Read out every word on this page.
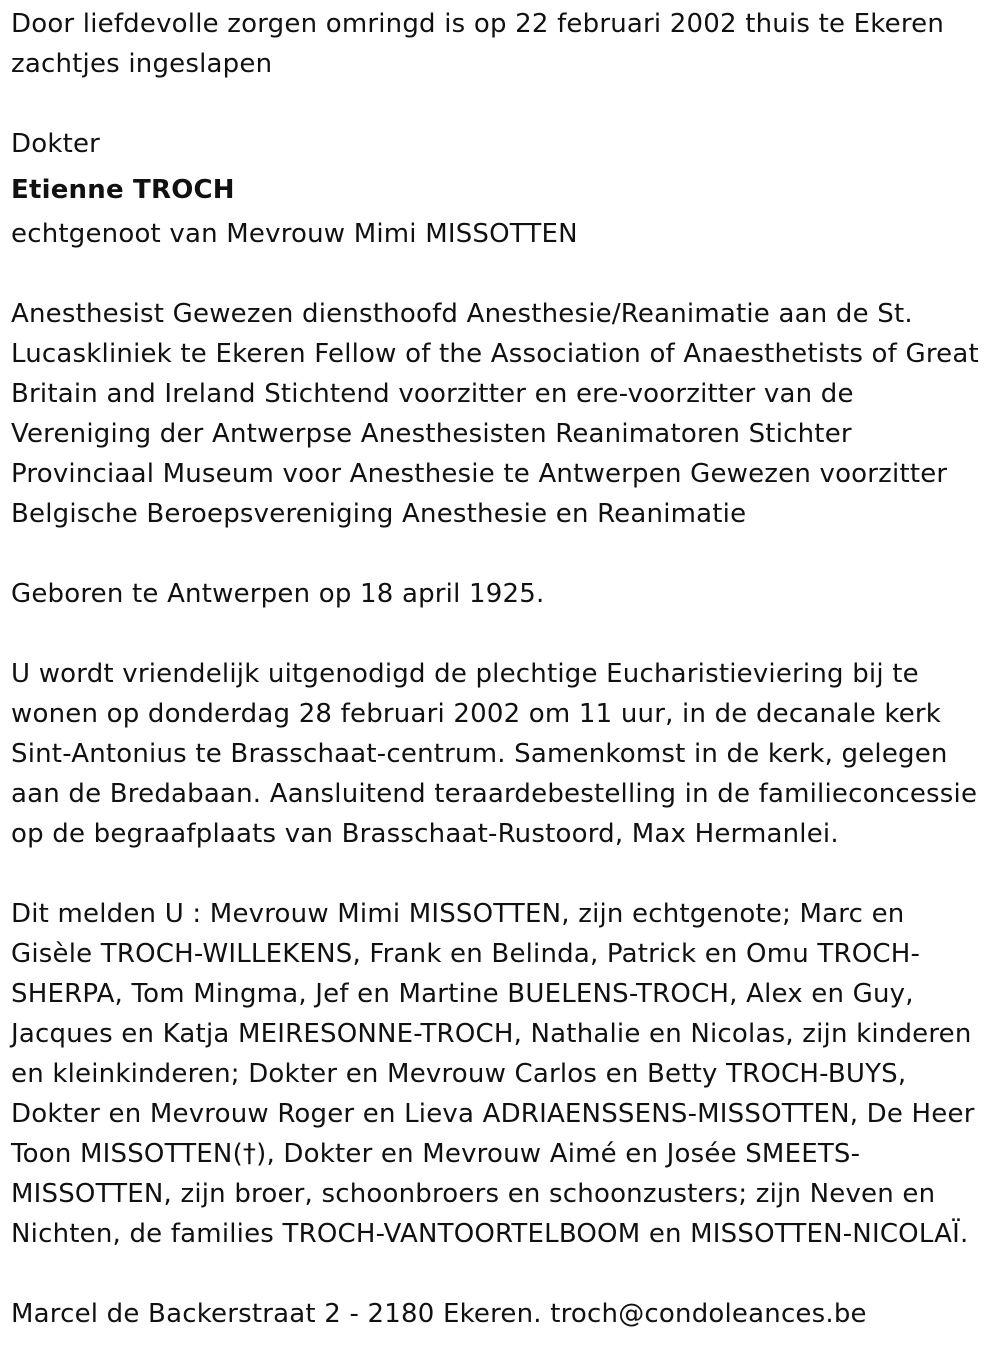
Door liefdevolle zorgen omringd is op 22 februari 2002 thuis te Ekeren
zachtjes ingeslapen

Dokter

Etienne TROCH

echtgenoot van Mevrouw Mimi MISSOTTEN

Anesthesist Gewezen diensthoofd Anesthesie/Reanimatie aan de St.
Lucaskliniek te Ekeren Fellow of the Association of Anaesthetists of Great
Britain and Ireland Stichtend voorzitter en ere-voorzitter van de
Vereniging der Antwerpse Anesthesisten Reanimatoren Stichter
Provinciaal Museum voor Anesthesie te Antwerpen Gewezen voorzitter
Belgische Beroepsvereniging Anesthesie en Reanimatie

Geboren te Antwerpen op 18 april 1925.

U wordt vriendelijk uitgenodigd de plechtige Eucharistieviering bij te
wonen op donderdag 28 februari 2002 om 11 uur, in de decanale kerk
Sint-Antonius te Brasschaat-centrum. Samenkomst in de kerk, gelegen
aan de Bredabaan. Aansluitend teraardebestelling in de familieconcessie
op de begraafplaats van Brasschaat-Rustoord, Max Hermanlei.

Dit melden U : Mevrouw Mimi MISSOTTEN, zijn echtgenote; Marc en
Gisèle TROCH-WILLEKENS, Frank en Belinda, Patrick en Omu TROCH-
SHERPA, Tom Mingma, Jef en Martine BUELENS-TROCH, Alex en Guy,
Jacques en Katja MEIRESONNE-TROCH, Nathalie en Nicolas, zijn kinderen
en kleinkinderen; Dokter en Mevrouw Carlos en Betty TROCH-BUYS,
Dokter en Mevrouw Roger en Lieva ADRIAENSSENS-MISSOTTEN, De Heer
Toon MISSOTTEN(†), Dokter en Mevrouw Aimé en Josée SMEETS-
MISSOTTEN, zijn broer, schoonbroers en schoonzusters; zijn Neven en
Nichten, de families TROCH-VANTOORTELBOOM en MISSOTTEN-NICOLAÏ.

Marcel de Backerstraat 2 - 2180 Ekeren. troch@condoleances.be
